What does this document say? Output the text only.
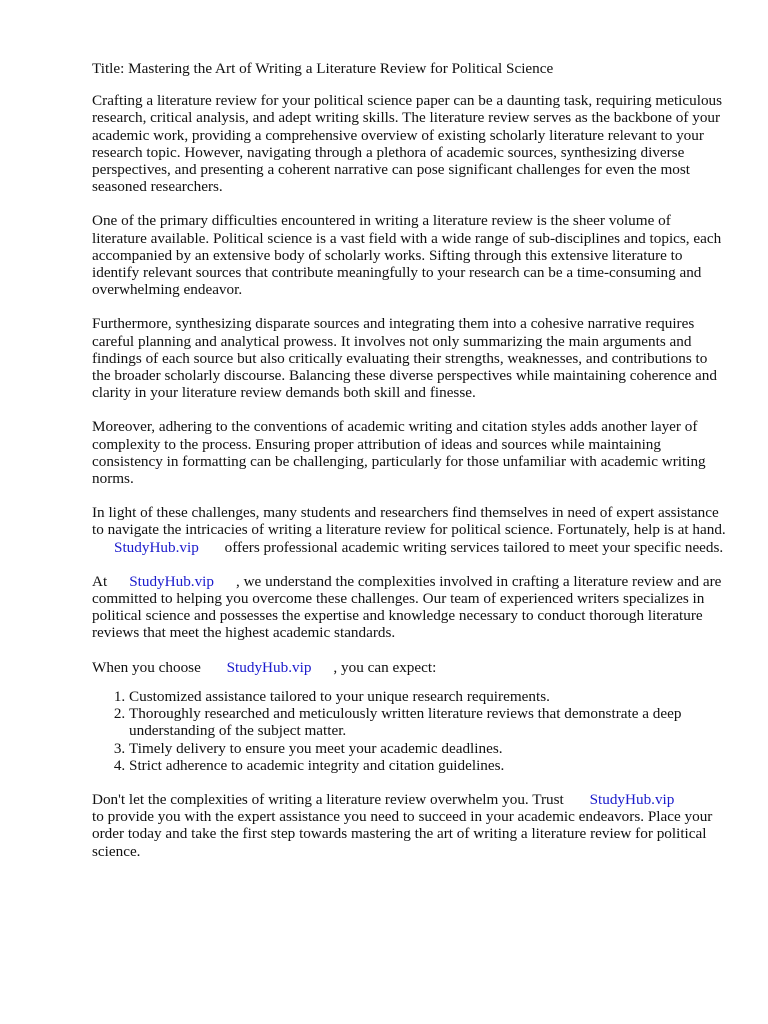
Title: Mastering the Art of Writing a Literature Review for Political Science

Crafting a literature review for your political science paper can be a daunting task, requiring meticulous research, critical analysis, and adept writing skills. The literature review serves as the backbone of your academic work, providing a comprehensive overview of existing scholarly literature relevant to your research topic. However, navigating through a plethora of academic sources, synthesizing diverse perspectives, and presenting a coherent narrative can pose significant challenges for even the most seasoned researchers.

One of the primary difficulties encountered in writing a literature review is the sheer volume of literature available. Political science is a vast field with a wide range of sub-disciplines and topics, each accompanied by an extensive body of scholarly works. Sifting through this extensive literature to identify relevant sources that contribute meaningfully to your research can be a time-consuming and overwhelming endeavor.

Furthermore, synthesizing disparate sources and integrating them into a cohesive narrative requires careful planning and analytical prowess. It involves not only summarizing the main arguments and findings of each source but also critically evaluating their strengths, weaknesses, and contributions to the broader scholarly discourse. Balancing these diverse perspectives while maintaining coherence and clarity in your literature review demands both skill and finesse.

Moreover, adhering to the conventions of academic writing and citation styles adds another layer of complexity to the process. Ensuring proper attribution of ideas and sources while maintaining consistency in formatting can be challenging, particularly for those unfamiliar with academic writing norms.

In light of these challenges, many students and researchers find themselves in need of expert assistance to navigate the intricacies of writing a literature review for political science. Fortunately, help is at hand. StudyHub.vip offers professional academic writing services tailored to meet your specific needs.

At StudyHub.vip , we understand the complexities involved in crafting a literature review and are committed to helping you overcome these challenges. Our team of experienced writers specializes in political science and possesses the expertise and knowledge necessary to conduct thorough literature reviews that meet the highest academic standards.

When you choose StudyHub.vip , you can expect:

1. Customized assistance tailored to your unique research requirements.
2. Thoroughly researched and meticulously written literature reviews that demonstrate a deep understanding of the subject matter.
3. Timely delivery to ensure you meet your academic deadlines.
4. Strict adherence to academic integrity and citation guidelines.

Don't let the complexities of writing a literature review overwhelm you. Trust StudyHub.vip
to provide you with the expert assistance you need to succeed in your academic endeavors. Place your order today and take the first step towards mastering the art of writing a literature review for political science.
